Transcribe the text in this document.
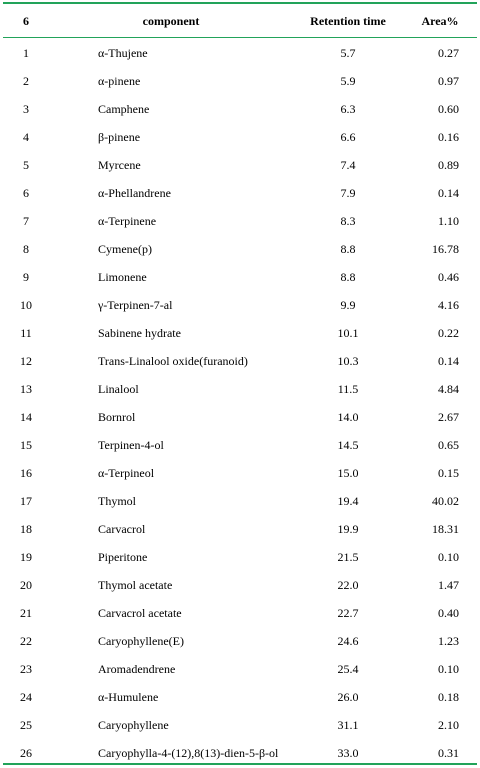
6	component	Retention time	Area%
1	α-Thujene	5.7	0.27
2	α-pinene	5.9	0.97
3	Camphene	6.3	0.60
4	β-pinene	6.6	0.16
5	Myrcene	7.4	0.89
6	α-Phellandrene	7.9	0.14
7	α-Terpinene	8.3	1.10
8	Cymene(p)	8.8	16.78
9	Limonene	8.8	0.46
10	γ-Terpinen-7-al	9.9	4.16
11	Sabinene hydrate	10.1	0.22
12	Trans-Linalool oxide(furanoid)	10.3	0.14
13	Linalool	11.5	4.84
14	Bornrol	14.0	2.67
15	Terpinen-4-ol	14.5	0.65
16	α-Terpineol	15.0	0.15
17	Thymol	19.4	40.02
18	Carvacrol	19.9	18.31
19	Piperitone	21.5	0.10
20	Thymol acetate	22.0	1.47
21	Carvacrol acetate	22.7	0.40
22	Caryophyllene(E)	24.6	1.23
23	Aromadendrene	25.4	0.10
24	α-Humulene	26.0	0.18
25	Caryophyllene	31.1	2.10
26	Caryophylla-4-(12),8(13)-dien-5-β-ol	33.0	0.31
